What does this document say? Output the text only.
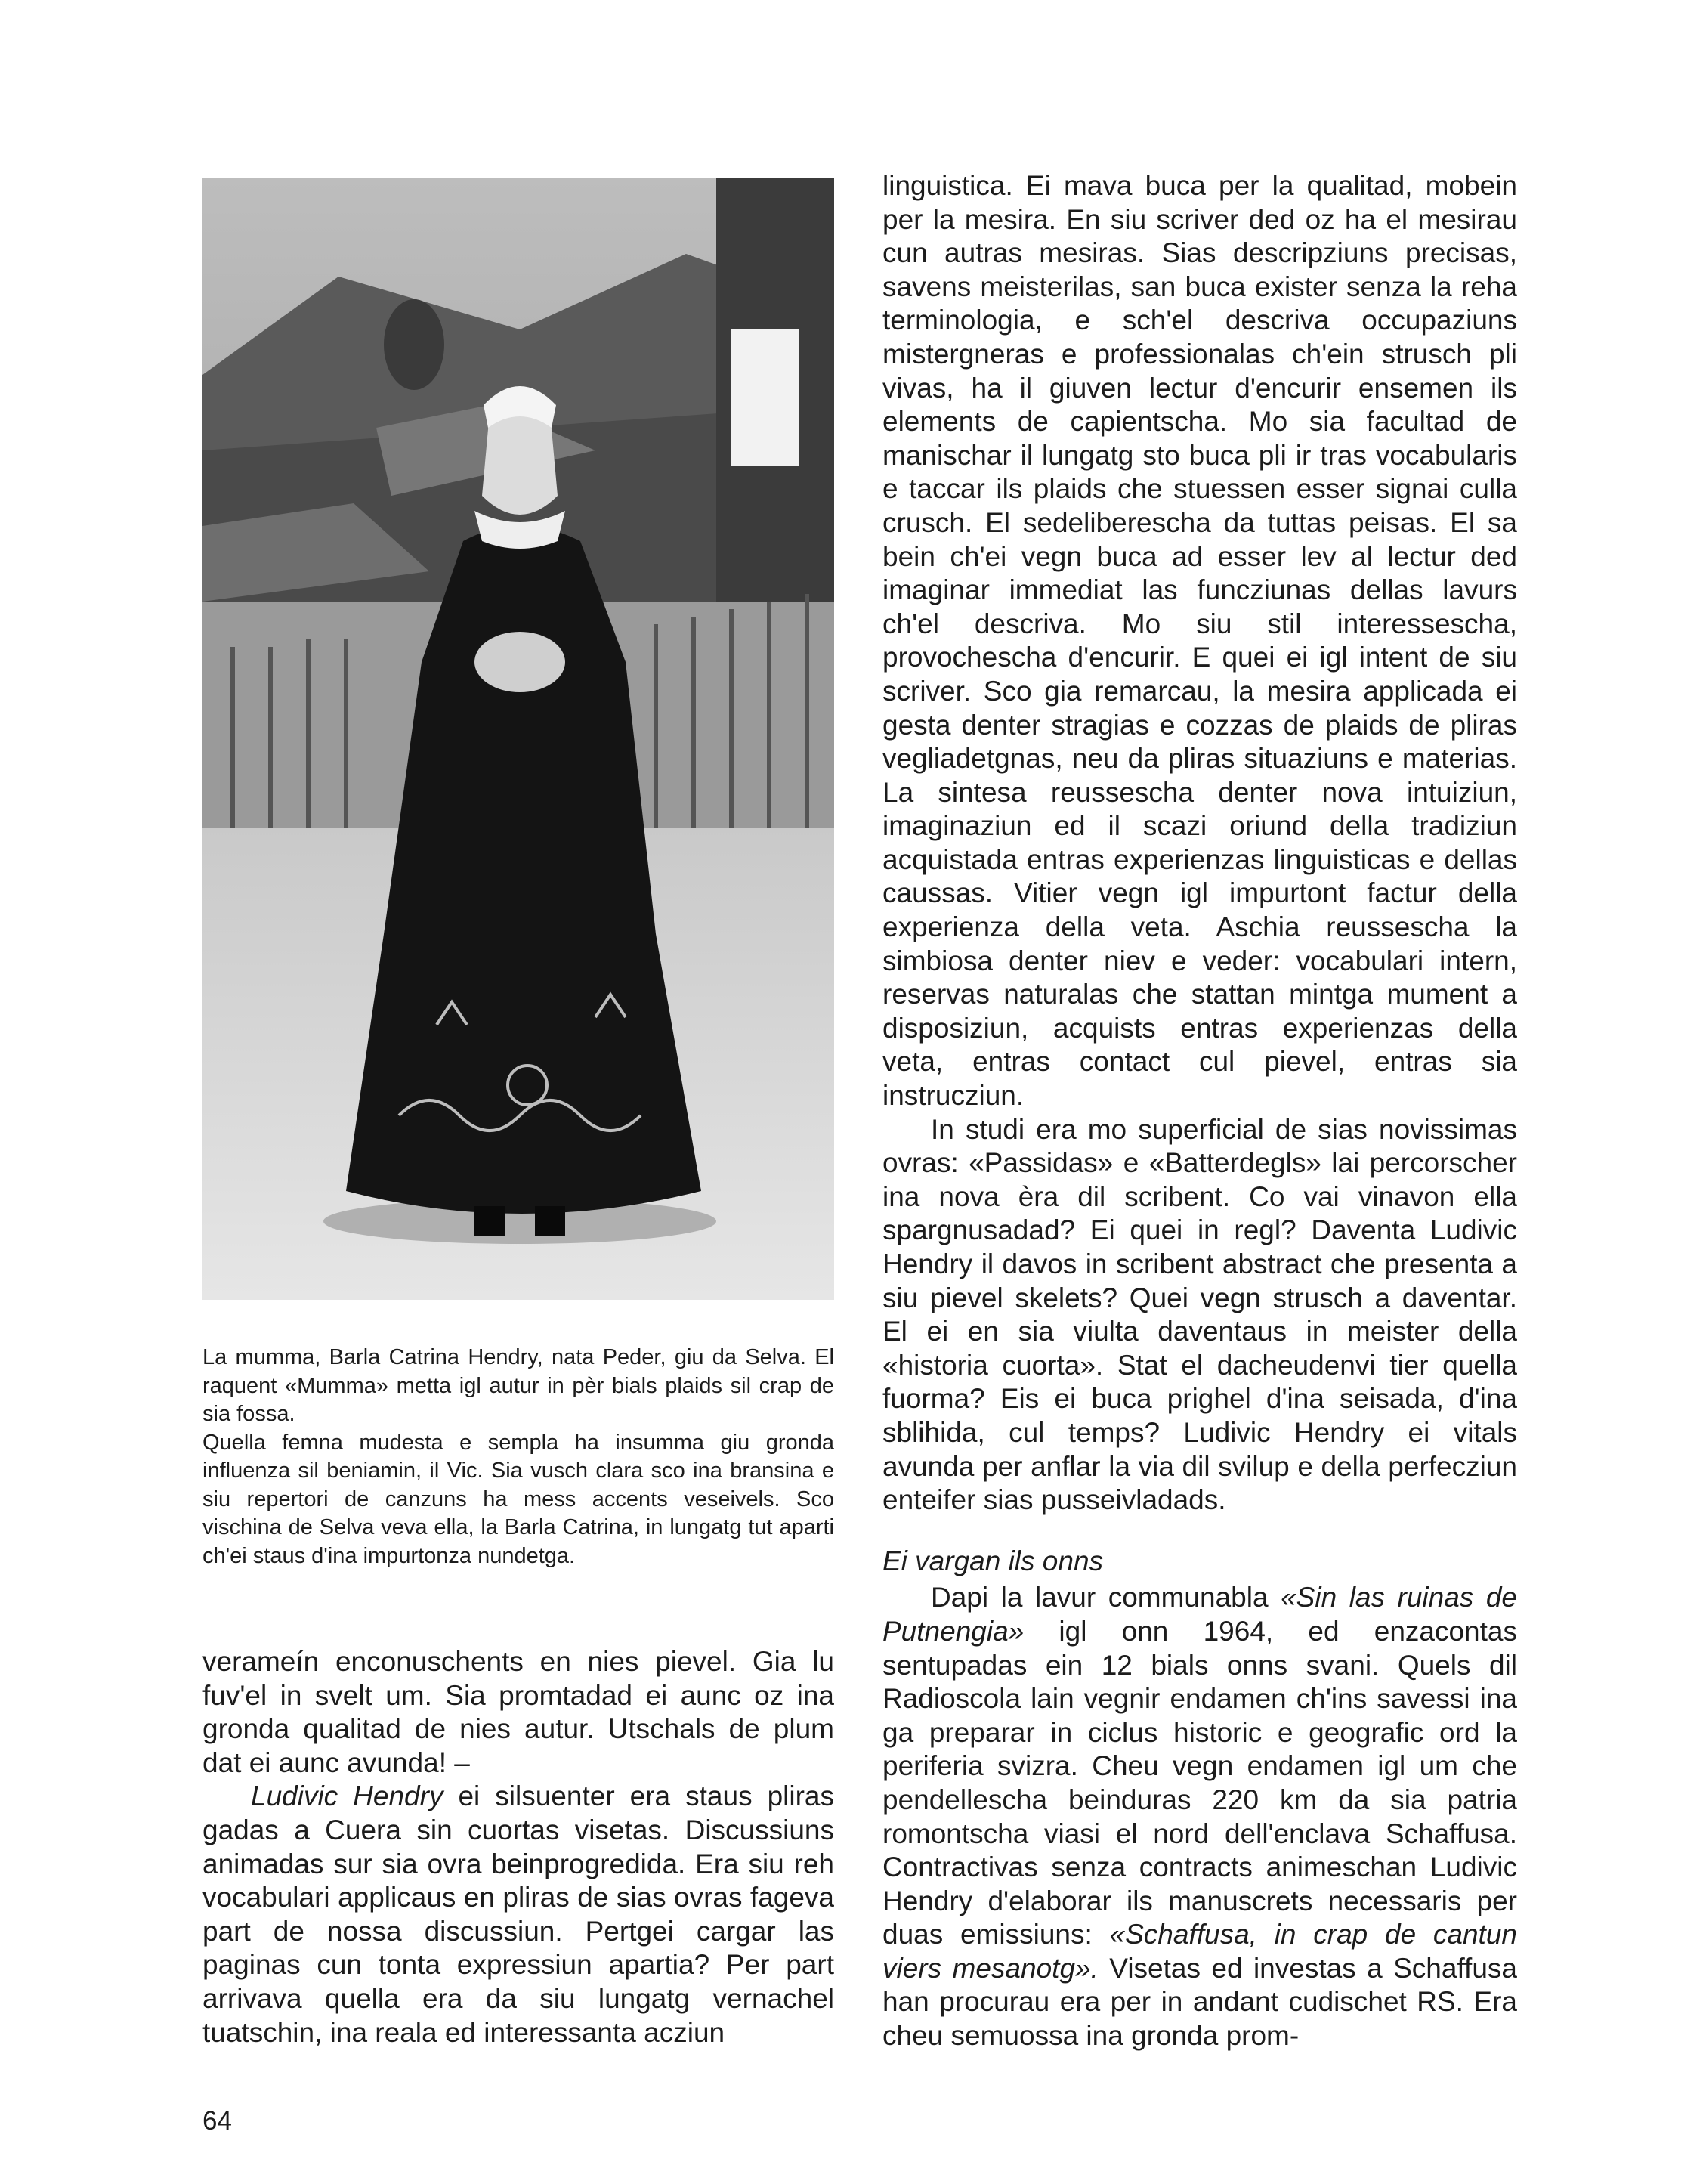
La mumma, Barla Catrina Hendry, nata Peder, giu da Selva. El raquent «Mumma» metta igl autur in pèr bials plaids sil crap de sia fossa.

Quella femna mudesta e sempla ha insumma giu gronda influenza sil beniamin, il Vic. Sia vusch clara sco ina bransina e siu repertori de canzuns ha mess accents veseivels. Sco vischina de Selva veva ella, la Barla Catrina, in lungatg tut aparti ch'ei staus d'ina impurtonza nundetga.

verameín enconuschents en nies pievel. Gia lu fuv'el in svelt um. Sia promtadad ei aunc oz ina gronda qualitad de nies autur. Utschals de plum dat ei aunc avunda! –

Ludivic Hendry ei silsuenter era staus pliras gadas a Cuera sin cuortas visetas. Discussiuns animadas sur sia ovra beinprogredida. Era siu reh vocabulari applicaus en pliras de sias ovras fageva part de nossa discussiun. Pertgei cargar las paginas cun tonta expressiun apartia? Per part arrivava quella era da siu lungatg vernachel tuatschin, ina reala ed interessanta acziun

linguistica. Ei mava buca per la qualitad, mobein per la mesira. En siu scriver ded oz ha el mesirau cun autras mesiras. Sias descripziuns precisas, savens meisterilas, san buca exister senza la reha terminologia, e sch'el descriva occupaziuns mistergneras e professionalas ch'ein strusch pli vivas, ha il giuven lectur d'encurir ensemen ils elements de capientscha. Mo sia facultad de manischar il lungatg sto buca pli ir tras vocabularis e taccar ils plaids che stuessen esser signai culla crusch. El sedeliberescha da tuttas peisas. El sa bein ch'ei vegn buca ad esser lev al lectur ded imaginar immediat las funcziunas dellas lavurs ch'el descriva. Mo siu stil interessescha, provochescha d'encurir. E quei ei igl intent de siu scriver. Sco gia remarcau, la mesira applicada ei gesta denter stragias e cozzas de plaids de pliras vegliadetgnas, neu da pliras situaziuns e materias. La sintesa reussescha denter nova intuiziun, imaginaziun ed il scazi oriund della tradiziun acquistada entras experienzas linguisticas e dellas caussas. Vitier vegn igl impurtont factur della experienza della veta. Aschia reussescha la simbiosa denter niev e veder: vocabulari intern, reservas naturalas che stattan mintga mument a disposiziun, acquists entras experienzas della veta, entras contact cul pievel, entras sia instrucziun.

In studi era mo superficial de sias novissimas ovras: «Passidas» e «Batterdegls» lai percorscher ina nova èra dil scribent. Co vai vinavon ella spargnusadad? Ei quei in regl? Daventa Ludivic Hendry il davos in scribent abstract che presenta a siu pievel skelets? Quei vegn strusch a daventar. El ei en sia viulta daventaus in meister della «historia cuorta». Stat el dacheudenvi tier quella fuorma? Eis ei buca prighel d'ina seisada, d'ina sblihida, cul temps? Ludivic Hendry ei vitals avunda per anflar la via dil svilup e della perfecziun enteifer sias pusseivladads.

Ei vargan ils onns

Dapi la lavur communabla «Sin las ruinas de Putnengia» igl onn 1964, ed enzacontas sentupadas ein 12 bials onns svani. Quels dil Radioscola lain vegnir endamen ch'ins savessi ina ga preparar in ciclus historic e geografic ord la periferia svizra. Cheu vegn endamen igl um che pendellescha beinduras 220 km da sia patria romontscha viasi el nord dell'enclava Schaffusa. Contractivas senza contracts animeschan Ludivic Hendry d'elaborar ils manuscrets necessaris per duas emissiuns: «Schaffusa, in crap de cantun viers mesanotg». Visetas ed investas a Schaffusa han procurau era per in andant cudischet RS. Era cheu semuossa ina gronda prom-

64
